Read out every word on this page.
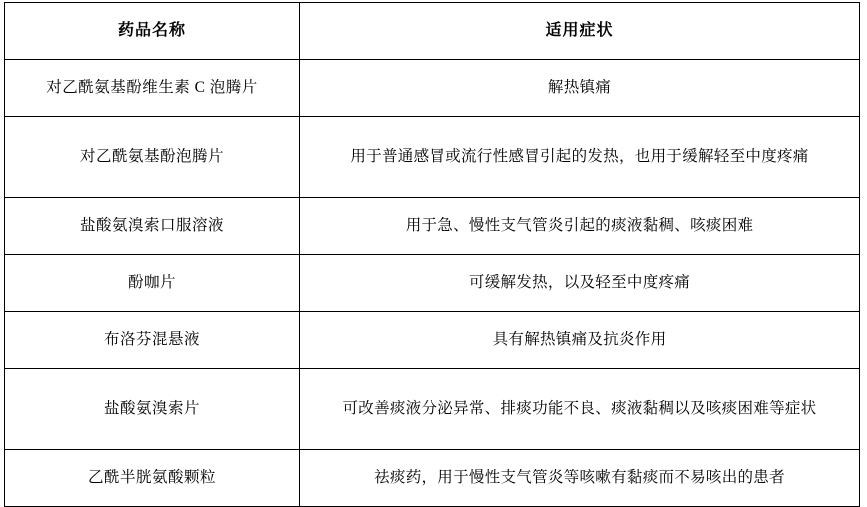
药品名称	适用症状
对乙酰氨基酚维生素 C 泡腾片	解热镇痛
对乙酰氨基酚泡腾片	用于普通感冒或流行性感冒引起的发热，也用于缓解轻至中度疼痛
盐酸氨溴索口服溶液	用于急、慢性支气管炎引起的痰液黏稠、咳痰困难
酚咖片	可缓解发热，以及轻至中度疼痛
布洛芬混悬液	具有解热镇痛及抗炎作用
盐酸氨溴索片	可改善痰液分泌异常、排痰功能不良、痰液黏稠以及咳痰困难等症状
乙酰半胱氨酸颗粒	祛痰药，用于慢性支气管炎等咳嗽有黏痰而不易咳出的患者
